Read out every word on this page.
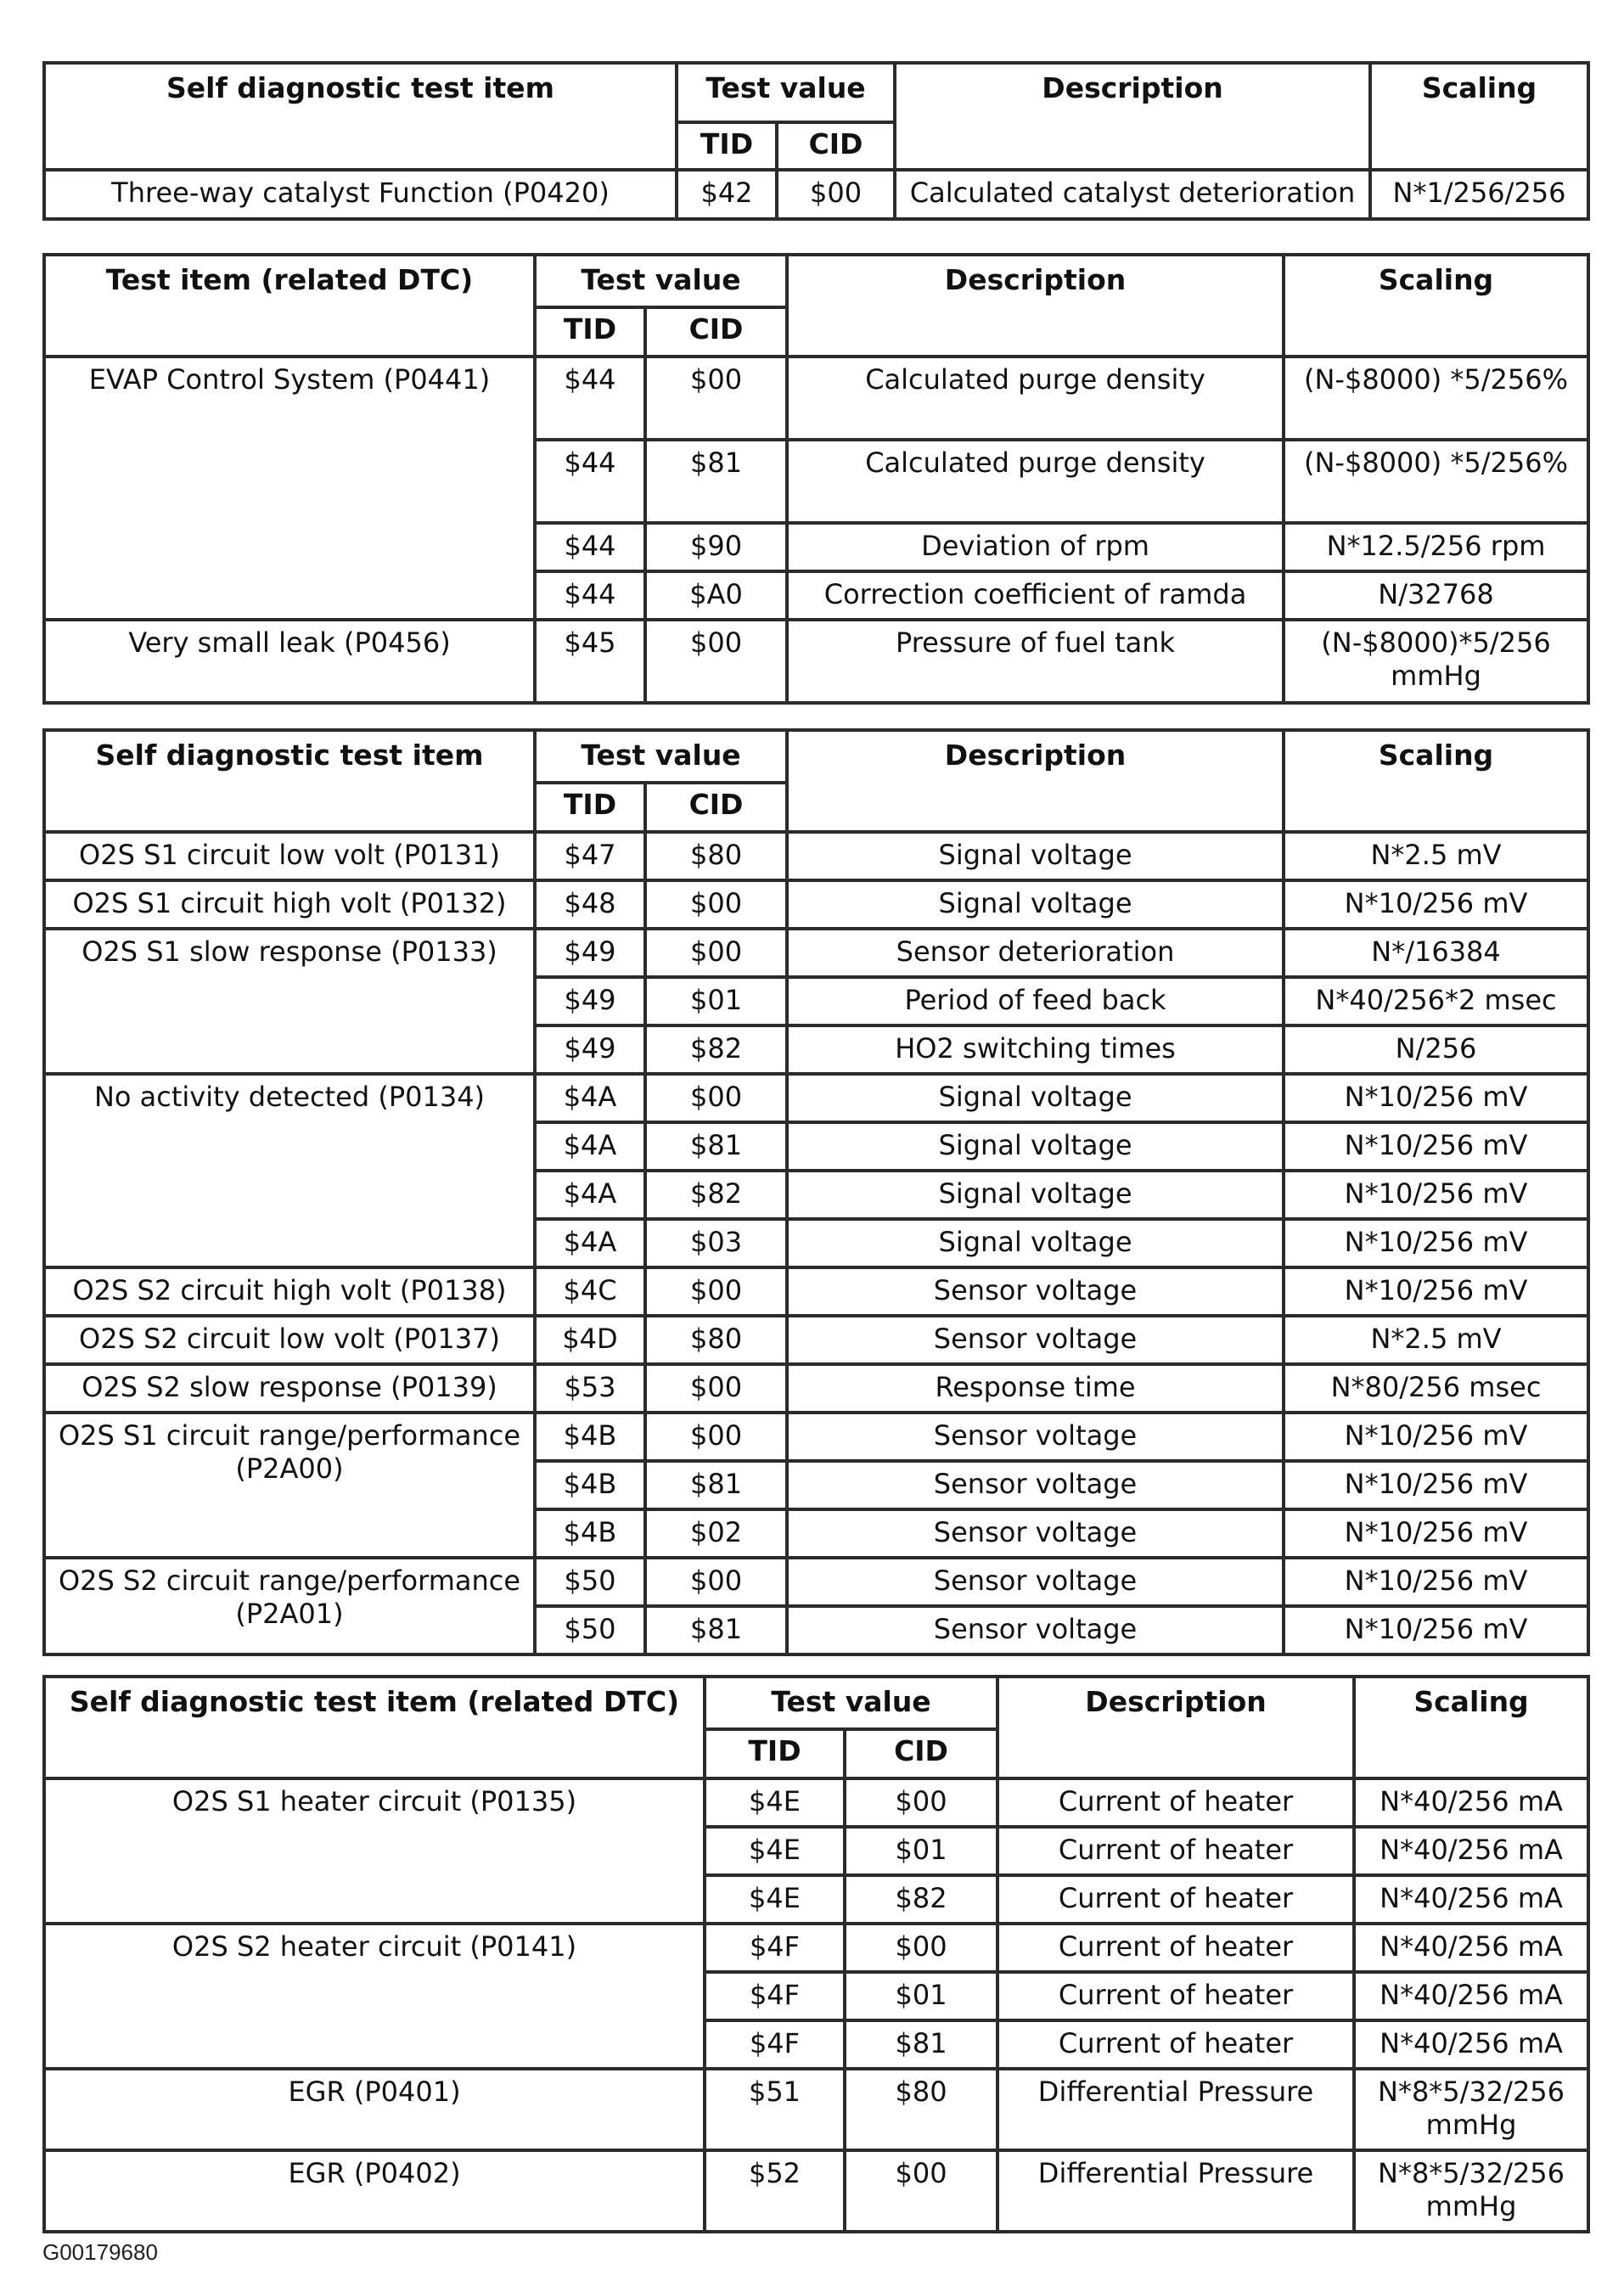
Self diagnostic test item	Test value		Description	Scaling
	TID	CID		
Three-way catalyst Function (P0420)	$42	$00	Calculated catalyst deterioration	N*1/256/256
Test item (related DTC)	Test value		Description	Scaling
	TID	CID		
EVAP Control System (P0441)	$44	$00	Calculated purge density	(N-$8000) *5/256%
	$44	$81	Calculated purge density	(N-$8000) *5/256%
	$44	$90	Deviation of rpm	N*12.5/256 rpm
	$44	$A0	Correction coefficient of ramda	N/32768
Very small leak (P0456)	$45	$00	Pressure of fuel tank	(N-$8000)*5/256 mmHg
Self diagnostic test item	Test value		Description	Scaling
	TID	CID		
O2S S1 circuit low volt (P0131)	$47	$80	Signal voltage	N*2.5 mV
O2S S1 circuit high volt (P0132)	$48	$00	Signal voltage	N*10/256 mV
O2S S1 slow response (P0133)	$49	$00	Sensor deterioration	N*/16384
	$49	$01	Period of feed back	N*40/256*2 msec
	$49	$82	HO2 switching times	N/256
No activity detected (P0134)	$4A	$00	Signal voltage	N*10/256 mV
	$4A	$81	Signal voltage	N*10/256 mV
	$4A	$82	Signal voltage	N*10/256 mV
	$4A	$03	Signal voltage	N*10/256 mV
O2S S2 circuit high volt (P0138)	$4C	$00	Sensor voltage	N*10/256 mV
O2S S2 circuit low volt (P0137)	$4D	$80	Sensor voltage	N*2.5 mV
O2S S2 slow response (P0139)	$53	$00	Response time	N*80/256 msec
O2S S1 circuit range/performance (P2A00)	$4B	$00	Sensor voltage	N*10/256 mV
	$4B	$81	Sensor voltage	N*10/256 mV
	$4B	$02	Sensor voltage	N*10/256 mV
O2S S2 circuit range/performance (P2A01)	$50	$00	Sensor voltage	N*10/256 mV
	$50	$81	Sensor voltage	N*10/256 mV
Self diagnostic test item (related DTC)	Test value		Description	Scaling
	TID	CID		
O2S S1 heater circuit (P0135)	$4E	$00	Current of heater	N*40/256 mA
	$4E	$01	Current of heater	N*40/256 mA
	$4E	$82	Current of heater	N*40/256 mA
O2S S2 heater circuit (P0141)	$4F	$00	Current of heater	N*40/256 mA
	$4F	$01	Current of heater	N*40/256 mA
	$4F	$81	Current of heater	N*40/256 mA
EGR (P0401)	$51	$80	Differential Pressure	N*8*5/32/256 mmHg
EGR (P0402)	$52	$00	Differential Pressure	N*8*5/32/256 mmHg
G00179680
